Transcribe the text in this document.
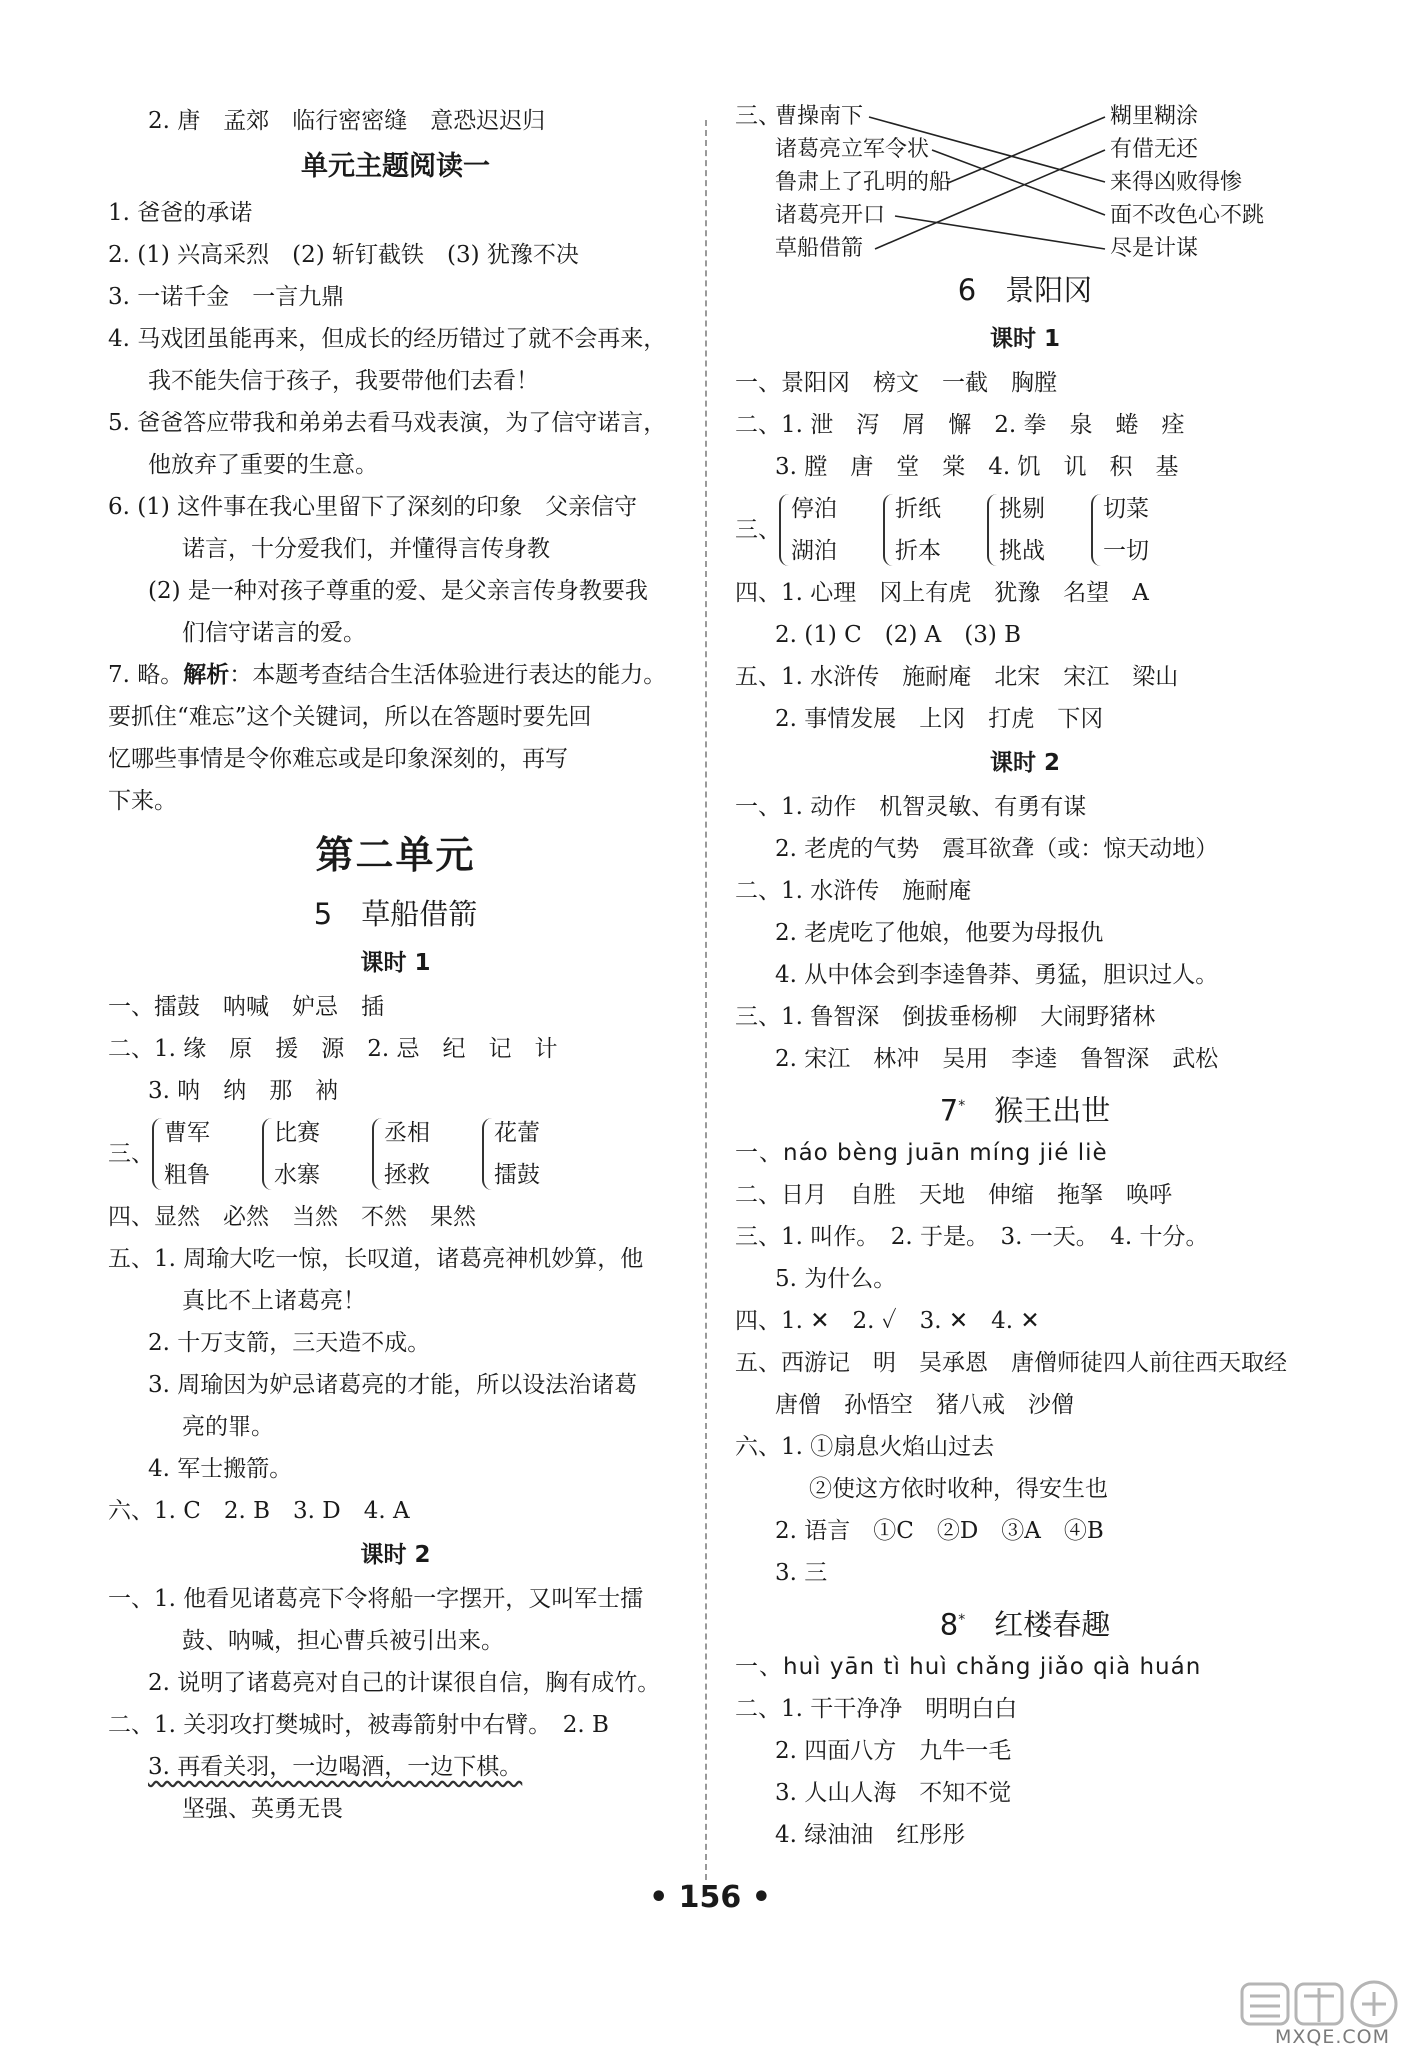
2. 唐　孟郊　临行密密缝　意恐迟迟归
单元主题阅读一
1. 爸爸的承诺
2. (1) 兴高采烈　(2) 斩钉截铁　(3) 犹豫不决
3. 一诺千金　一言九鼎
4. 马戏团虽能再来，但成长的经历错过了就不会再来，
我不能失信于孩子，我要带他们去看！
5. 爸爸答应带我和弟弟去看马戏表演，为了信守诺言，
他放弃了重要的生意。
6. (1) 这件事在我心里留下了深刻的印象　父亲信守
诺言，十分爱我们，并懂得言传身教
(2) 是一种对孩子尊重的爱、是父亲言传身教要我
们信守诺言的爱。
7. 略。解析：本题考查结合生活体验进行表达的能力。
要抓住“难忘”这个关键词，所以在答题时要先回
忆哪些事情是令你难忘或是印象深刻的，再写
下来。
第二单元
5　草船借箭
课时 1
一、擂鼓　呐喊　妒忌　插
二、1. 缘　原　援　源　2. 忌　纪　记　计
3. 呐　纳　那　衲
三、
曹军
粗鲁
比赛
水寨
丞相
拯救
花蕾
擂鼓
四、显然　必然　当然　不然　果然
五、1. 周瑜大吃一惊，长叹道，诸葛亮神机妙算，他
真比不上诸葛亮！
2. 十万支箭，三天造不成。
3. 周瑜因为妒忌诸葛亮的才能，所以设法治诸葛
亮的罪。
4. 军士搬箭。
六、1. C　2. B　3. D　4. A
课时 2
一、1. 他看见诸葛亮下令将船一字摆开，又叫军士擂
鼓、呐喊，担心曹兵被引出来。
2. 说明了诸葛亮对自己的计谋很自信，胸有成竹。
二、1. 关羽攻打樊城时，被毒箭射中右臂。　2. B
3. 再看关羽，一边喝酒，一边下棋。
坚强、英勇无畏
三、
曹操南下
诸葛亮立军令状
鲁肃上了孔明的船
诸葛亮开口
草船借箭
糊里糊涂
有借无还
来得凶败得惨
面不改色心不跳
尽是计谋
6　景阳冈
课时 1
一、景阳冈　榜文　一截　胸膛
二、1. 泄　泻　屑　懈　2. 拳　泉　蜷　痊
3. 膛　唐　堂　棠　4. 饥　讥　积　基
三、
停泊
湖泊
折纸
折本
挑剔
挑战
切菜
一切
四、1. 心理　冈上有虎　犹豫　名望　A
2. (1) C　(2) A　(3) B
五、1. 水浒传　施耐庵　北宋　宋江　梁山
2. 事情发展　上冈　打虎　下冈
课时 2
一、1. 动作　机智灵敏、有勇有谋
2. 老虎的气势　震耳欲聋（或：惊天动地）
二、1. 水浒传　施耐庵
2. 老虎吃了他娘，他要为母报仇
4. 从中体会到李逵鲁莽、勇猛，胆识过人。
三、1. 鲁智深　倒拔垂杨柳　大闹野猪林
2. 宋江　林冲　吴用　李逵　鲁智深　武松
7*　 猴王出世
一、náo bèng juān míng jié liè
二、日月　自胜　天地　伸缩　拖拏　唤呼
三、1. 叫作。　2. 于是。　3. 一天。　4. 十分。
5. 为什么。
四、1. ✕　2. ✓　3. ✕　4. ✕
五、西游记　明　吴承恩　唐僧师徒四人前往西天取经
唐僧　孙悟空　猪八戒　沙僧
六、1. ①扇息火焰山过去
②使这方依时收种，得安生也
2. 语言　①C　②D　③A　④B
3. 三
8*　 红楼春趣
一、huì yān tì huì chǎng jiǎo qià huán
二、1. 干干净净　明明白白
2. 四面八方　九牛一毛
3. 人山人海　不知不觉
4. 绿油油　红彤彤
• 156 •
MXQE.COM
